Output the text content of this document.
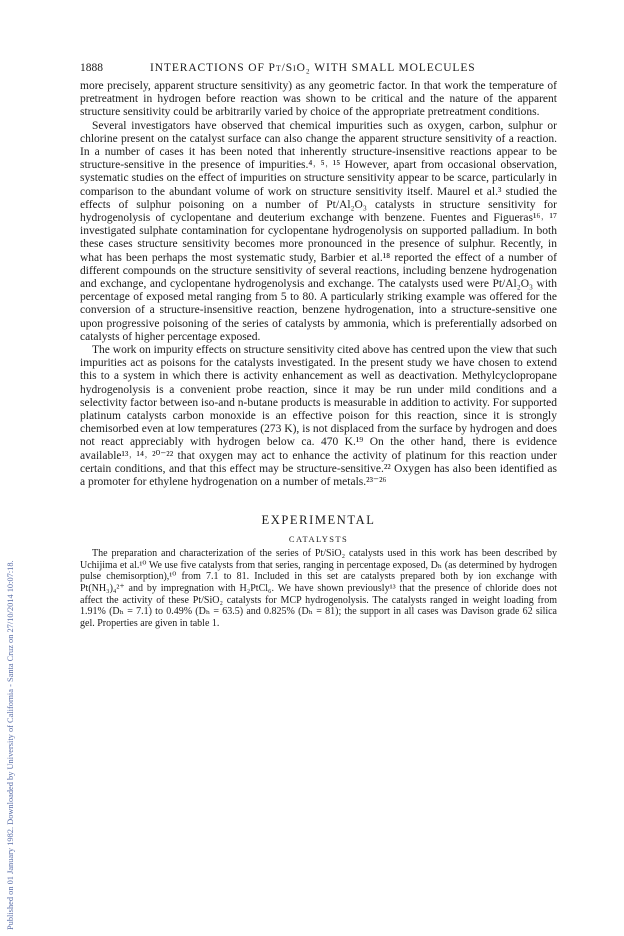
Published on 01 January 1982. Downloaded by University of California - Santa Cruz on 27/10/2014 10:07:18.
1888	INTERACTIONS OF Pt/SiO₂ WITH SMALL MOLECULES

more precisely, apparent structure sensitivity) as any geometric factor. In that work the temperature of pretreatment in hydrogen before reaction was shown to be critical and the nature of the apparent structure sensitivity could be arbitrarily varied by choice of the appropriate pretreatment conditions.

Several investigators have observed that chemical impurities such as oxygen, carbon, sulphur or chlorine present on the catalyst surface can also change the apparent structure sensitivity of a reaction. In a number of cases it has been noted that inherently structure-insensitive reactions appear to be structure-sensitive in the presence of impurities.⁴˒ ⁵˒ ¹⁵ However, apart from occasional observation, systematic studies on the effect of impurities on structure sensitivity appear to be scarce, particularly in comparison to the abundant volume of work on structure sensitivity itself. Maurel et al.³ studied the effects of sulphur poisoning on a number of Pt/Al₂O₃ catalysts in structure sensitivity for hydrogenolysis of cyclopentane and deuterium exchange with benzene. Fuentes and Figueras¹⁶˒ ¹⁷ investigated sulphate contamination for cyclopentane hydrogenolysis on supported palladium. In both these cases structure sensitivity becomes more pronounced in the presence of sulphur. Recently, in what has been perhaps the most systematic study, Barbier et al.¹⁸ reported the effect of a number of different compounds on the structure sensitivity of several reactions, including benzene hydrogenation and exchange, and cyclopentane hydrogenolysis and exchange. The catalysts used were Pt/Al₂O₃ with percentage of exposed metal ranging from 5 to 80. A particularly striking example was offered for the conversion of a structure-insensitive reaction, benzene hydrogenation, into a structure-sensitive one upon progressive poisoning of the series of catalysts by ammonia, which is preferentially adsorbed on catalysts of higher percentage exposed.

The work on impurity effects on structure sensitivity cited above has centred upon the view that such impurities act as poisons for the catalysts investigated. In the present study we have chosen to extend this to a system in which there is activity enhancement as well as deactivation. Methylcyclopropane hydrogenolysis is a convenient probe reaction, since it may be run under mild conditions and a selectivity factor between iso-and n-butane products is measurable in addition to activity. For supported platinum catalysts carbon monoxide is an effective poison for this reaction, since it is strongly chemisorbed even at low temperatures (273 K), is not displaced from the surface by hydrogen and does not react appreciably with hydrogen below ca. 470 K.¹⁹ On the other hand, there is evidence available¹³˒ ¹⁴˒ ²⁰⁻²² that oxygen may act to enhance the activity of platinum for this reaction under certain conditions, and that this effect may be structure-sensitive.²² Oxygen has also been identified as a promoter for ethylene hydrogenation on a number of metals.²³⁻²⁶

EXPERIMENTAL
CATALYSTS

The preparation and characterization of the series of Pt/SiO₂ catalysts used in this work has been described by Uchijima et al.¹⁰ We use five catalysts from that series, ranging in percentage exposed, Dₕ (as determined by hydrogen pulse chemisorption),¹⁰ from 7.1 to 81. Included in this set are catalysts prepared both by ion exchange with Pt(NH₃)₄²⁺ and by impregnation with H₂PtCl₆. We have shown previously¹³ that the presence of chloride does not affect the activity of these Pt/SiO₂ catalysts for MCP hydrogenolysis. The catalysts ranged in weight loading from 1.91% (Dₕ = 7.1) to 0.49% (Dₕ = 63.5) and 0.825% (Dₕ = 81); the support in all cases was Davison grade 62 silica gel. Properties are given in table 1.
